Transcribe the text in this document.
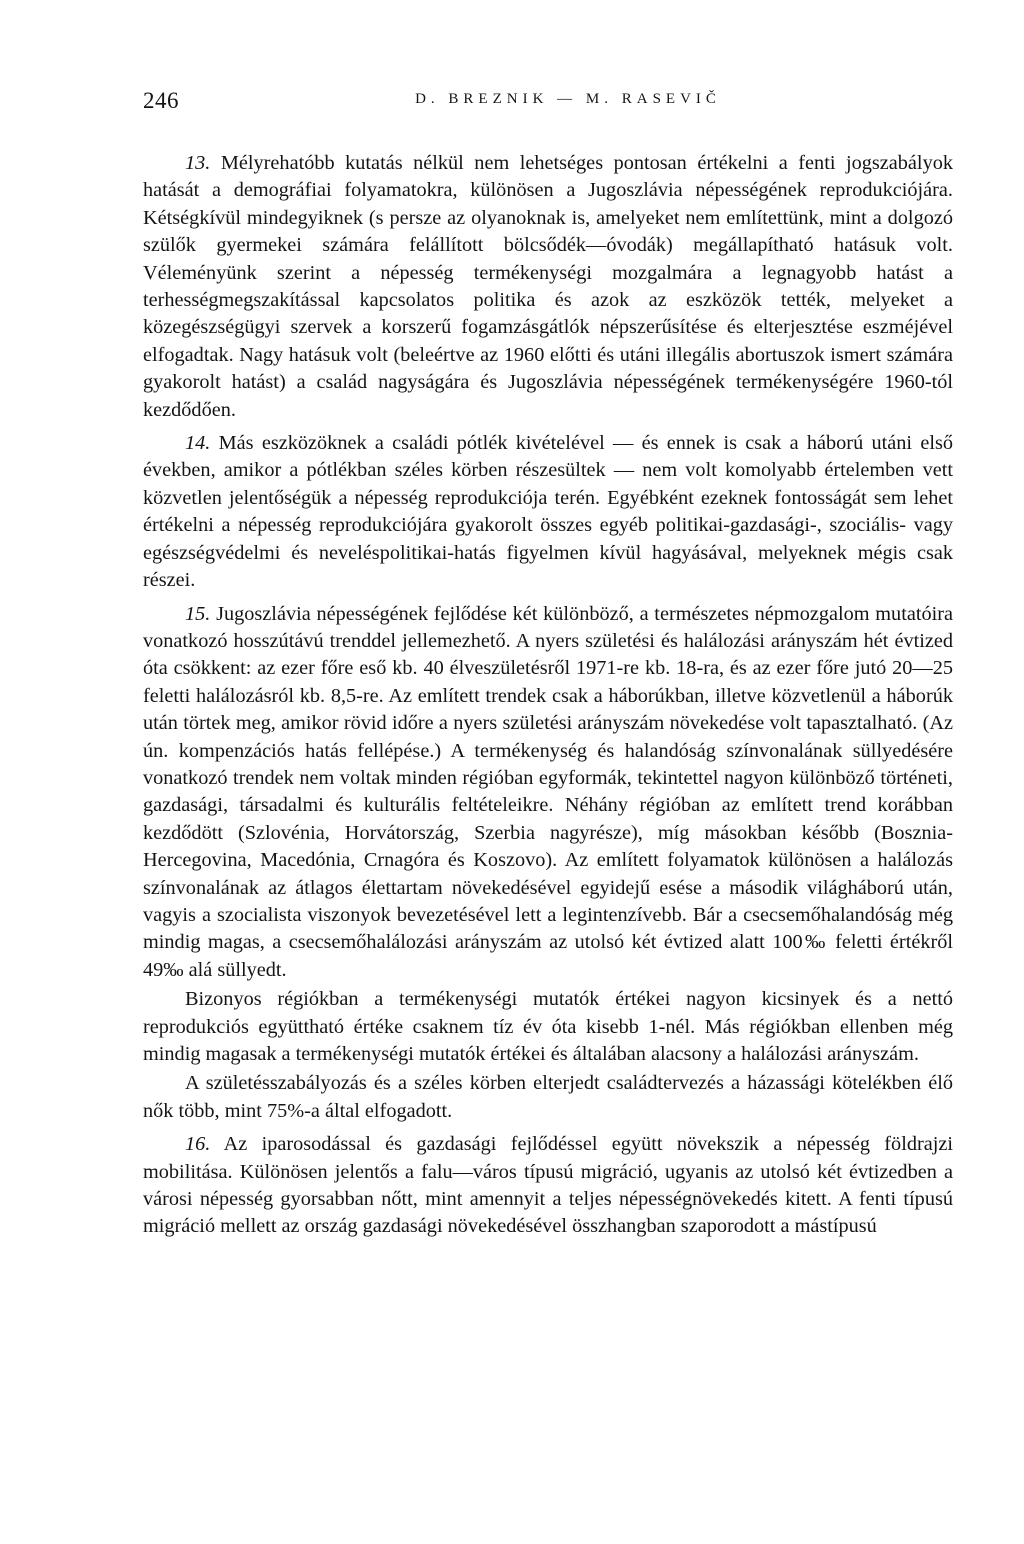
246	D. BREZNIK — M. RASEVIČ

13. Mélyrehatóbb kutatás nélkül nem lehetséges pontosan értékelni a fenti jogszabályok hatását a demográfiai folyamatokra, különösen a Jugoszlávia népességének reprodukciójára. Kétségkívül mindegyiknek (s persze az olyanoknak is, amelyeket nem említettünk, mint a dolgozó szülők gyermekei számára felállított bölcsődék—óvodák) megállapítható hatásuk volt. Véleményünk szerint a népesség termékenységi mozgalmára a legnagyobb hatást a terhességmegszakítással kapcsolatos politika és azok az eszközök tették, melyeket a közegészségügyi szervek a korszerű fogamzásgátlók népszerűsítése és elterjesztése eszméjével elfogadtak. Nagy hatásuk volt (beleértve az 1960 előtti és utáni illegális abortuszok ismert számára gyakorolt hatást) a család nagyságára és Jugoszlávia népességének termékenységére 1960-tól kezdődően.

14. Más eszközöknek a családi pótlék kivételével — és ennek is csak a háború utáni első években, amikor a pótlékban széles körben részesültek — nem volt komolyabb értelemben vett közvetlen jelentőségük a népesség reprodukciója terén. Egyébként ezeknek fontosságát sem lehet értékelni a népesség reprodukciójára gyakorolt összes egyéb politikai-gazdasági-, szociális- vagy egészségvédelmi és neveléspolitikai-hatás figyelmen kívül hagyásával, melyeknek mégis csak részei.

15. Jugoszlávia népességének fejlődése két különböző, a természetes népmozgalom mutatóira vonatkozó hosszútávú trenddel jellemezhető. A nyers születési és halálozási arányszám hét évtized óta csökkent: az ezer főre eső kb. 40 élveszületésről 1971-re kb. 18-ra, és az ezer főre jutó 20—25 feletti halálozásról kb. 8,5-re. Az említett trendek csak a háborúkban, illetve közvetlenül a háborúk után törtek meg, amikor rövid időre a nyers születési arányszám növekedése volt tapasztalható. (Az ún. kompenzációs hatás fellépése.) A termékenység és halandóság színvonalának süllyedésére vonatkozó trendek nem voltak minden régióban egyformák, tekintettel nagyon különböző történeti, gazdasági, társadalmi és kulturális feltételeikre. Néhány régióban az említett trend korábban kezdődött (Szlovénia, Horvátország, Szerbia nagyrésze), míg másokban később (Bosznia-Hercegovina, Macedónia, Crnagóra és Koszovo). Az említett folyamatok különösen a halálozás színvonalának az átlagos élettartam növekedésével egyidejű esése a második világháború után, vagyis a szocialista viszonyok bevezetésével lett a legintenzívebb. Bár a csecsemőhalandóság még mindig magas, a csecsemőhalálozási arányszám az utolsó két évtized alatt 100‰ feletti értékről 49‰ alá süllyedt.

Bizonyos régiókban a termékenységi mutatók értékei nagyon kicsinyek és a nettó reprodukciós együttható értéke csaknem tíz év óta kisebb 1-nél. Más régiókban ellenben még mindig magasak a termékenységi mutatók értékei és általában alacsony a halálozási arányszám.

A születésszabályozás és a széles körben elterjedt családtervezés a házassági kötelékben élő nők több, mint 75%-a által elfogadott.

16. Az iparosodással és gazdasági fejlődéssel együtt növekszik a népesség földrajzi mobilitása. Különösen jelentős a falu—város típusú migráció, ugyanis az utolsó két évtizedben a városi népesség gyorsabban nőtt, mint amennyit a teljes népességnövekedés kitett. A fenti típusú migráció mellett az ország gazdasági növekedésével összhangban szaporodott a mástípusú
